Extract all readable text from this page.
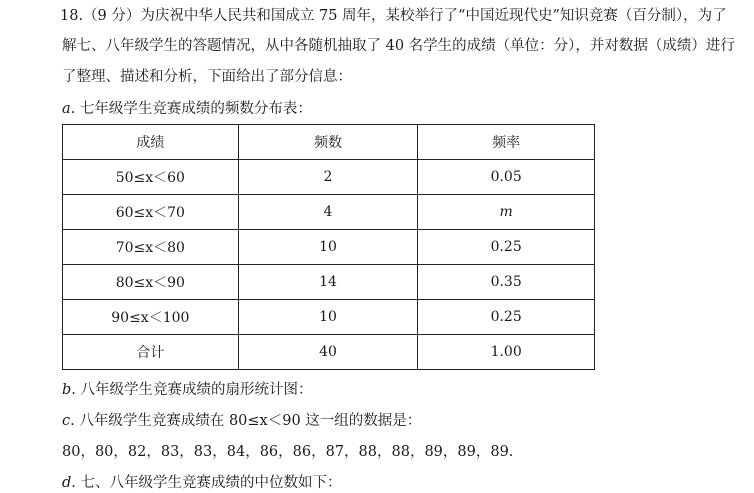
18.（9 分）为庆祝中华人民共和国成立 75 周年，某校举行了“中国近现代史”知识竞赛（百分制），为了
解七、八年级学生的答题情况，从中各随机抽取了 40 名学生的成绩（单位：分），并对数据（成绩）进行
了整理、描述和分析，下面给出了部分信息：
a. 七年级学生竞赛成绩的频数分布表：
成绩	频数	频率
50≤x＜60	2	0.05
60≤x＜70	4	m
70≤x＜80	10	0.25
80≤x＜90	14	0.35
90≤x＜100	10	0.25
合计	40	1.00
b. 八年级学生竞赛成绩的扇形统计图：
c. 八年级学生竞赛成绩在 80≤x＜90 这一组的数据是：
80，80，82，83，83，84，86，86，87，88，88，89，89，89.
d. 七、八年级学生竞赛成绩的中位数如下：
